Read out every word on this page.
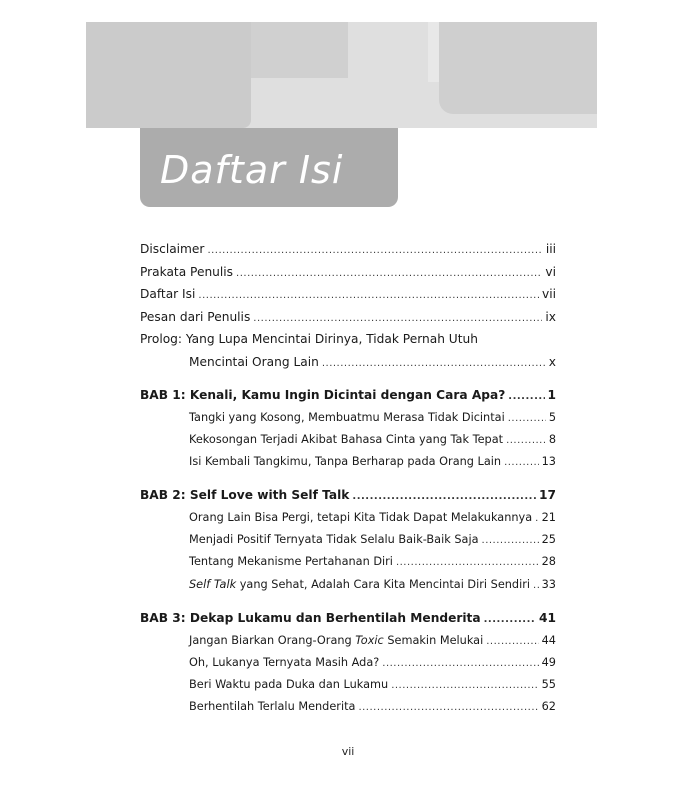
Daftar Isi
Disclaimer .....	iii
Prakata Penulis .....	vi
Daftar Isi .....	vii
Pesan dari Penulis .....	ix
Prolog: Yang Lupa Mencintai Dirinya, Tidak Pernah Utuh
Mencintai Orang Lain .....	x
BAB 1: Kenali, Kamu Ingin Dicintai dengan Cara Apa? .....	1
Tangki yang Kosong, Membuatmu Merasa Tidak Dicintai .....	5
Kekosongan Terjadi Akibat Bahasa Cinta yang Tak Tepat .....	8
Isi Kembali Tangkimu, Tanpa Berharap pada Orang Lain .....	13
BAB 2: Self Love with Self Talk .....	17
Orang Lain Bisa Pergi, tetapi Kita Tidak Dapat Melakukannya ..... 21
Menjadi Positif Ternyata Tidak Selalu Baik-Baik Saja .....	25
Tentang Mekanisme Pertahanan Diri .....	28
Self Talk yang Sehat, Adalah Cara Kita Mencintai Diri Sendiri ..... 33
BAB 3: Dekap Lukamu dan Berhentilah Menderita .....	41
Jangan Biarkan Orang-Orang Toxic Semakin Melukai .....	44
Oh, Lukanya Ternyata Masih Ada? .....	49
Beri Waktu pada Duka dan Lukamu .....	55
Berhentilah Terlalu Menderita .....	62
vii
